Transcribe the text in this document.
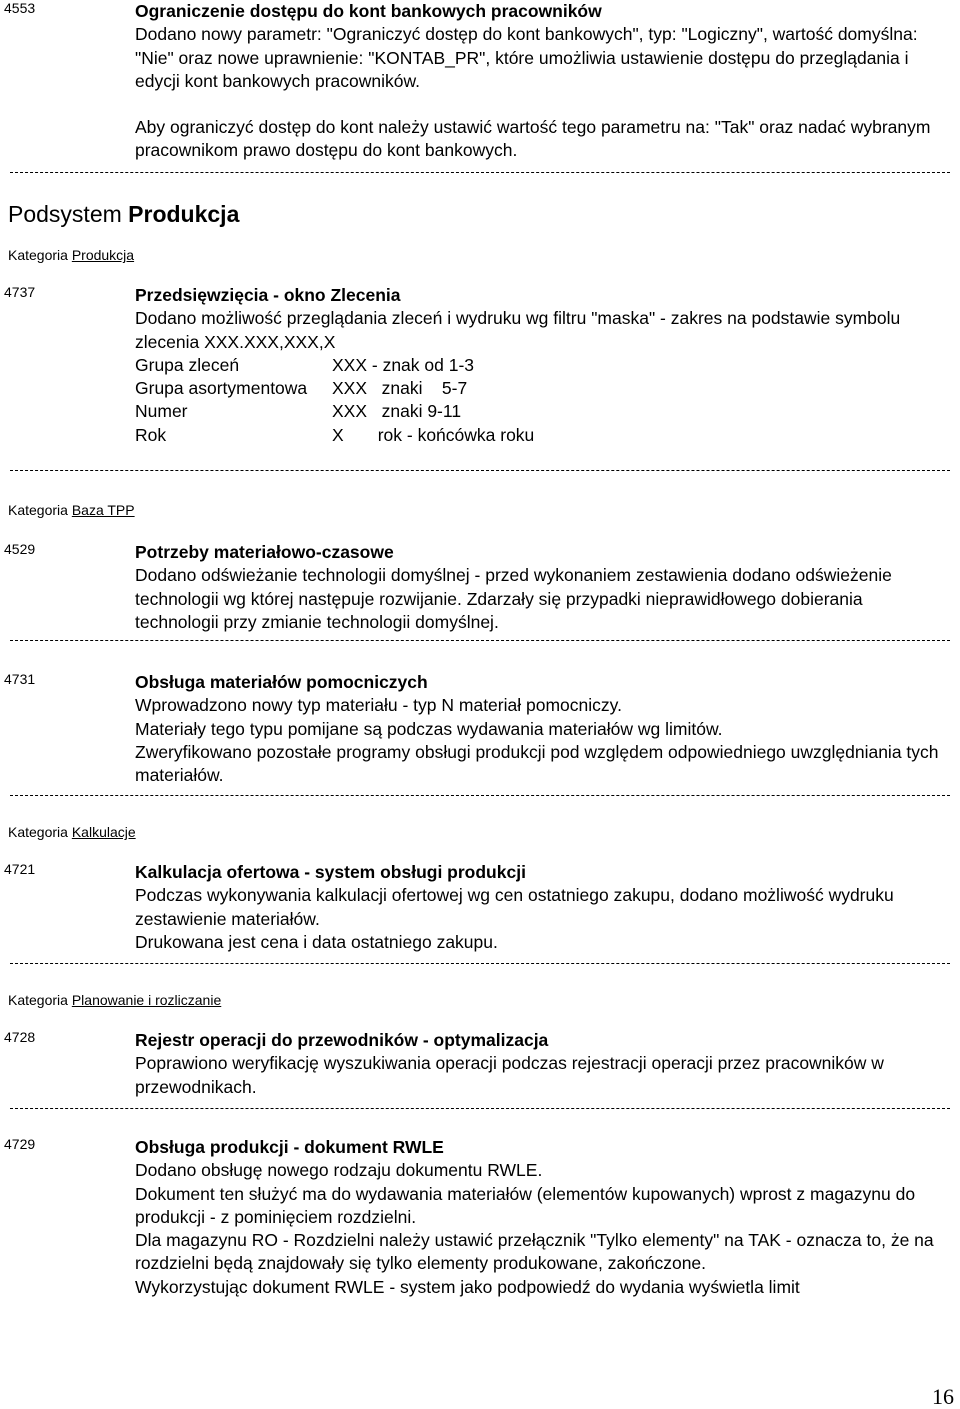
4553	Ograniczenie dostępu do kont bankowych pracowników

Dodano nowy parametr: "Ograniczyć dostęp do kont bankowych", typ: "Logiczny", wartość domyślna: "Nie" oraz nowe uprawnienie: "KONTAB_PR", które umożliwia ustawienie dostępu do przeglądania i edycji kont bankowych pracowników.

Aby ograniczyć dostęp do kont należy ustawić wartość tego parametru na: "Tak" oraz nadać wybranym pracownikom prawo dostępu do kont bankowych.

Podsystem Produkcja
Kategoria Produkcja
4737	Przedsięwzięcia - okno Zlecenia

Dodano możliwość przeglądania zleceń i wydruku wg filtru "maska" - zakres na podstawie symbolu zlecenia XXX.XXX,XXX,X

Grupa zleceń	XXX - znak od 1-3
Grupa asortymentowa	XXX   znaki    5-7
Numer	XXX   znaki 9-11
Rok	X       rok - końcówka roku
Kategoria Baza TPP
4529	Potrzeby materiałowo-czasowe

Dodano odświeżanie technologii domyślnej - przed wykonaniem zestawienia dodano odświeżenie technologii wg której następuje rozwijanie. Zdarzały się przypadki nieprawidłowego dobierania technologii przy zmianie technologii domyślnej.

4731	Obsługa materiałów pomocniczych

Wprowadzono nowy typ materiału - typ N materiał pomocniczy.

Materiały tego typu pomijane są podczas wydawania materiałów wg limitów.

Zweryfikowano pozostałe programy obsługi produkcji pod względem odpowiedniego uwzględniania tych materiałów.

Kategoria Kalkulacje
4721	Kalkulacja ofertowa - system obsługi produkcji

Podczas wykonywania kalkulacji ofertowej wg cen ostatniego zakupu, dodano możliwość wydruku zestawienie materiałów.

Drukowana jest cena i data ostatniego zakupu.

Kategoria Planowanie i rozliczanie
4728	Rejestr operacji do przewodników - optymalizacja

Poprawiono weryfikację wyszukiwania operacji podczas rejestracji operacji przez pracowników w przewodnikach.

4729	Obsługa produkcji - dokument RWLE

Dodano obsługę nowego rodzaju dokumentu RWLE.

Dokument ten służyć ma do wydawania materiałów (elementów kupowanych) wprost z magazynu do produkcji - z pominięciem rozdzielni.

Dla magazynu RO - Rozdzielni należy ustawić przełącznik "Tylko elementy" na TAK - oznacza to, że na rozdzielni będą znajdowały się tylko elementy produkowane, zakończone.

Wykorzystując dokument RWLE - system jako podpowiedź do wydania wyświetla limit

16
